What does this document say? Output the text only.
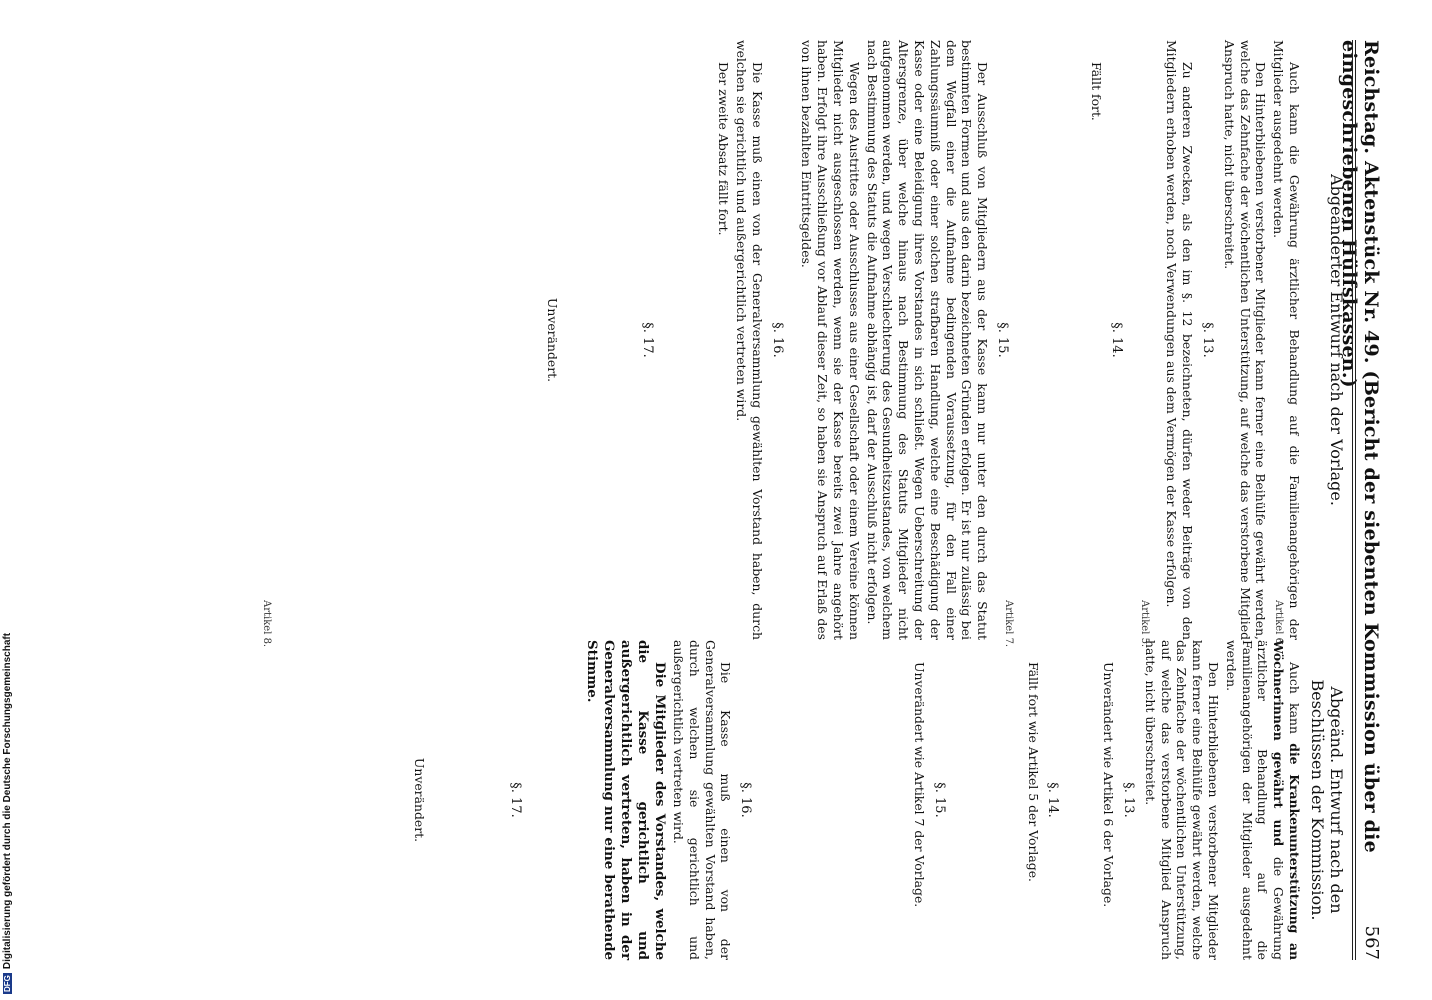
DFGDigitalisierung gefördert durch die Deutsche Forschungsgemeinschaft	Reichstag. Aktenstück Nr. 49. (Bericht der siebenten Kommission über die eingeschriebenen Hülfskassen.)
567
Abgeänderter Entwurf nach der Vorlage.
Abgeänd. Entwurf nach den Beschlüssen der Kommission.

Auch kann die Gewährung ärztlicher Behandlung auf die Familienangehörigen der Mitglieder ausgedehnt werden.

Den Hinterbliebenen verstorbener Mitglieder kann ferner eine Beihülfe gewährt werden, welche das Zehnfache der wöchentlichen Unterstützung, auf welche das verstorbene Mitglied Anspruch hatte, nicht überschreitet.

§. 13.

Zu anderen Zwecken, als den im §. 12 bezeichneten, dürfen weder Beiträge von den Mitgliedern erhoben werden, noch Verwendungen aus dem Vermögen der Kasse erfolgen.

§. 14.

Fällt fort.

§. 15.

Der Ausschluß von Mitgliedern aus der Kasse kann nur unter den durch das Statut bestimmten Formen und aus den darin bezeichneten Gründen erfolgen. Er ist nur zulässig bei dem Wegfall einer die Aufnahme bedingenden Voraussetzung, für den Fall einer Zahlungssäumniß oder einer solchen strafbaren Handlung, welche eine Beschädigung der Kasse oder eine Beleidigung ihres Vorstandes in sich schließt. Wegen Ueberschreitung der Altersgrenze, über welche hinaus nach Bestimmung des Statuts Mitglieder nicht aufgenommen werden, und wegen Verschlechterung des Gesundheitszustandes, von welchem nach Bestimmung des Statuts die Aufnahme abhängig ist, darf der Ausschluß nicht erfolgen.

Wegen des Austrittes oder Ausschlusses aus einer Gesellschaft oder einem Vereine können Mitglieder nicht ausgeschlossen werden, wenn sie der Kasse bereits zwei Jahre angehört haben. Erfolgt ihre Ausschließung vor Ablauf dieser Zeit, so haben sie Anspruch auf Erlaß des von ihnen bezahlten Eintrittsgeldes.

§. 16.

Die Kasse muß einen von der Generalversammlung gewählten Vorstand haben, durch welchen sie gerichtlich und außergerichtlich vertreten wird.

Der zweite Absatz fällt fort.

§. 17.
Unverändert.

Auch kann die Krankenunterstützung an Wöchnerinnen gewährt und die Gewährung ärztlicher Behandlung auf die Familienangehörigen der Mitglieder ausgedehnt werden.

Den Hinterbliebenen verstorbener Mitglieder kann ferner eine Beihülfe gewährt werden, welche das Zehnfache der wöchentlichen Unterstützung, auf welche das verstorbene Mitglied Anspruch hatte, nicht überschreitet.

§. 13.

Unverändert wie Artikel 6 der Vorlage.

§. 14.

Fällt fort wie Artikel 5 der Vorlage.

§. 15.

Unverändert wie Artikel 7 der Vorlage.

§. 16.

Die Kasse muß einen von der Generalversammlung gewählten Vorstand haben, durch welchen sie gerichtlich und außergerichtlich vertreten wird.

Die Mitglieder des Vorstandes, welche die Kasse gerichtlich und außergerichtlich vertreten, haben in der Generalversammlung nur eine berathende Stimme.

§. 17.
Unverändert.
Artikel 6.
Artikel 5.
Artikel 7.
Artikel 8.
